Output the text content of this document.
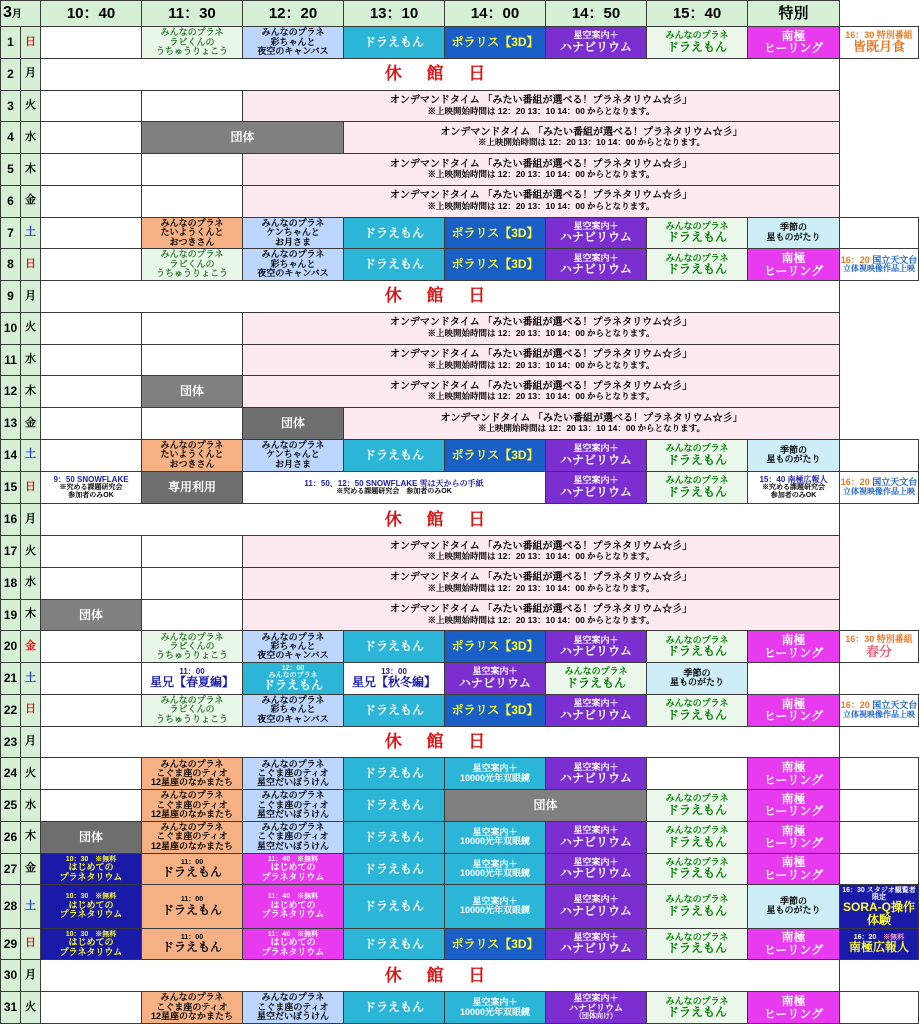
3月		10：40	11：30	12：20	13：10	14：00	14：50	15：40	特別	
1	日		みんなのプラネ
ラビくんの
うちゅうりょこう	みんなのプラネ
彩ちゃんと
夜空のキャンバス	ドラえもん	ポラリス【3D】	星空案内＋
ハナビリウム	みんなのプラネ
ドラえもん	南極
ヒーリング	16：30 特別番組
皆既月食

2	月	休 館 日								
3	火			オンデマンドタイム 「みたい番組が選べる！プラネタリウム☆彡」
※上映開始時間は 12：20 13：10 14：00 からとなります。						

4	水		団体		オンデマンドタイム 「みたい番組が選べる！プラネタリウム☆彡」
※上映開始時間は 12：20 13：10 14：00 からとなります。					

5	木			オンデマンドタイム 「みたい番組が選べる！プラネタリウム☆彡」
※上映開始時間は 12：20 13：10 14：00 からとなります。						

6	金			オンデマンドタイム 「みたい番組が選べる！プラネタリウム☆彡」
※上映開始時間は 12：20 13：10 14：00 からとなります。						

7	土		みんなのプラネ
たいようくんと
おつきさん	みんなのプラネ
ケンちゃんと
お月さま	ドラえもん	ポラリス【3D】	星空案内＋
ハナビリウム	みんなのプラネ
ドラえもん	季節の
星ものがたり	

8	日		みんなのプラネ
ラビくんの
うちゅうりょこう	みんなのプラネ
彩ちゃんと
夜空のキャンバス	ドラえもん	ポラリス【3D】	星空案内＋
ハナビリウム	みんなのプラネ
ドラえもん	南極
ヒーリング	16：20 国立天文台
立体視映像作品上映

9	月	休 館 日								
10	火			オンデマンドタイム 「みたい番組が選べる！プラネタリウム☆彡」
※上映開始時間は 12：20 13：10 14：00 からとなります。						

11	水			オンデマンドタイム 「みたい番組が選べる！プラネタリウム☆彡」
※上映開始時間は 12：20 13：10 14：00 からとなります。						

12	木		団体	オンデマンドタイム 「みたい番組が選べる！プラネタリウム☆彡」
※上映開始時間は 12：20 13：10 14：00 からとなります。						

13	金			団体	オンデマンドタイム 「みたい番組が選べる！プラネタリウム☆彡」
※上映開始時間は 12：20 13：10 14：00 からとなります。					

14	土		みんなのプラネ
たいようくんと
おつきさん	みんなのプラネ
ケンちゃんと
お月さま	ドラえもん	ポラリス【3D】	星空案内＋
ハナビリウム	みんなのプラネ
ドラえもん	季節の
星ものがたり	

15	日	9：50 SNOWFLAKE
※究める課題研究会
参加者のみOK	専用利用	11：50、12：50 SNOWFLAKE 雪は天からの手紙
※究める課題研究会　参加者のみOK			星空案内＋
ハナビリウム	みんなのプラネ
ドラえもん	15：40 南極広報人
※究める課題研究会
参加者のみOK	16：20 国立天文台
立体視映像作品上映

16	月	休 館 日								
17	火			オンデマンドタイム 「みたい番組が選べる！プラネタリウム☆彡」
※上映開始時間は 12：20 13：10 14：00 からとなります。						

18	水			オンデマンドタイム 「みたい番組が選べる！プラネタリウム☆彡」
※上映開始時間は 12：20 13：10 14：00 からとなります。						

19	木	団体		オンデマンドタイム 「みたい番組が選べる！プラネタリウム☆彡」
※上映開始時間は 12：20 13：10 14：00 からとなります。						

20	金		みんなのプラネ
ラビくんの
うちゅうりょこう	みんなのプラネ
彩ちゃんと
夜空のキャンバス	ドラえもん	ポラリス【3D】	星空案内＋
ハナビリウム	みんなのプラネ
ドラえもん	南極
ヒーリング	16：30 特別番組
春分

21	土		11：00
星兄【春夏編】	12：00
みんなのプラネ
ドラえもん	13：00
星兄【秋冬編】	星空案内＋
ハナビリウム	みんなのプラネ
ドラえもん	季節の
星ものがたり		

22	日		みんなのプラネ
ラビくんの
うちゅうりょこう	みんなのプラネ
彩ちゃんと
夜空のキャンバス	ドラえもん	ポラリス【3D】	星空案内＋
ハナビリウム	みんなのプラネ
ドラえもん	南極
ヒーリング	16：20 国立天文台
立体視映像作品上映

23	月	休 館 日								
24	火		みんなのプラネ
こぐま座のティオ
12星座のなかまたち	みんなのプラネ
こぐま座のティオ
星空だいぼうけん	ドラえもん	星空案内＋
10000光年双眼鏡	星空案内＋
ハナビリウム		南極
ヒーリング	

25	水		みんなのプラネ
こぐま座のティオ
12星座のなかまたち	みんなのプラネ
こぐま座のティオ
星空だいぼうけん	ドラえもん	団体		みんなのプラネ
ドラえもん	南極
ヒーリング	

26	木	団体	みんなのプラネ
こぐま座のティオ
12星座のなかまたち	みんなのプラネ
こぐま座のティオ
星空だいぼうけん	ドラえもん	星空案内＋
10000光年双眼鏡	星空案内＋
ハナビリウム	みんなのプラネ
ドラえもん	南極
ヒーリング	

27	金	10：30　 ※無料
はじめての
プラネタリウム	11：00
ドラえもん	11：40　 ※無料
はじめての
プラネタリウム	ドラえもん	星空案内＋
10000光年双眼鏡	星空案内＋
ハナビリウム	みんなのプラネ
ドラえもん	南極
ヒーリング	

28	土	10：30　 ※無料
はじめての
プラネタリウム	11：00
ドラえもん	11：40　 ※無料
はじめての
プラネタリウム	ドラえもん	星空案内＋
10000光年双眼鏡	星空案内＋
ハナビリウム	みんなのプラネ
ドラえもん	季節の
星ものがたり	16：30 スタジオ観覧者限定
SORA-Q操作体験

29	日	10：30　 ※無料
はじめての
プラネタリウム	11：00
ドラえもん	11：40　 ※無料
はじめての
プラネタリウム	ドラえもん	ポラリス【3D】	星空案内＋
ハナビリウム	みんなのプラネ
ドラえもん	南極
ヒーリング	16：20　 ※無料
南極広報人

30	月	休 館 日								
31	火		みんなのプラネ
こぐま座のティオ
12星座のなかまたち	みんなのプラネ
こぐま座のティオ
星空だいぼうけん	ドラえもん	星空案内＋
10000光年双眼鏡	星空案内＋
ハナビリウム
（団体向け）	みんなのプラネ
ドラえもん	南極
ヒーリング	
